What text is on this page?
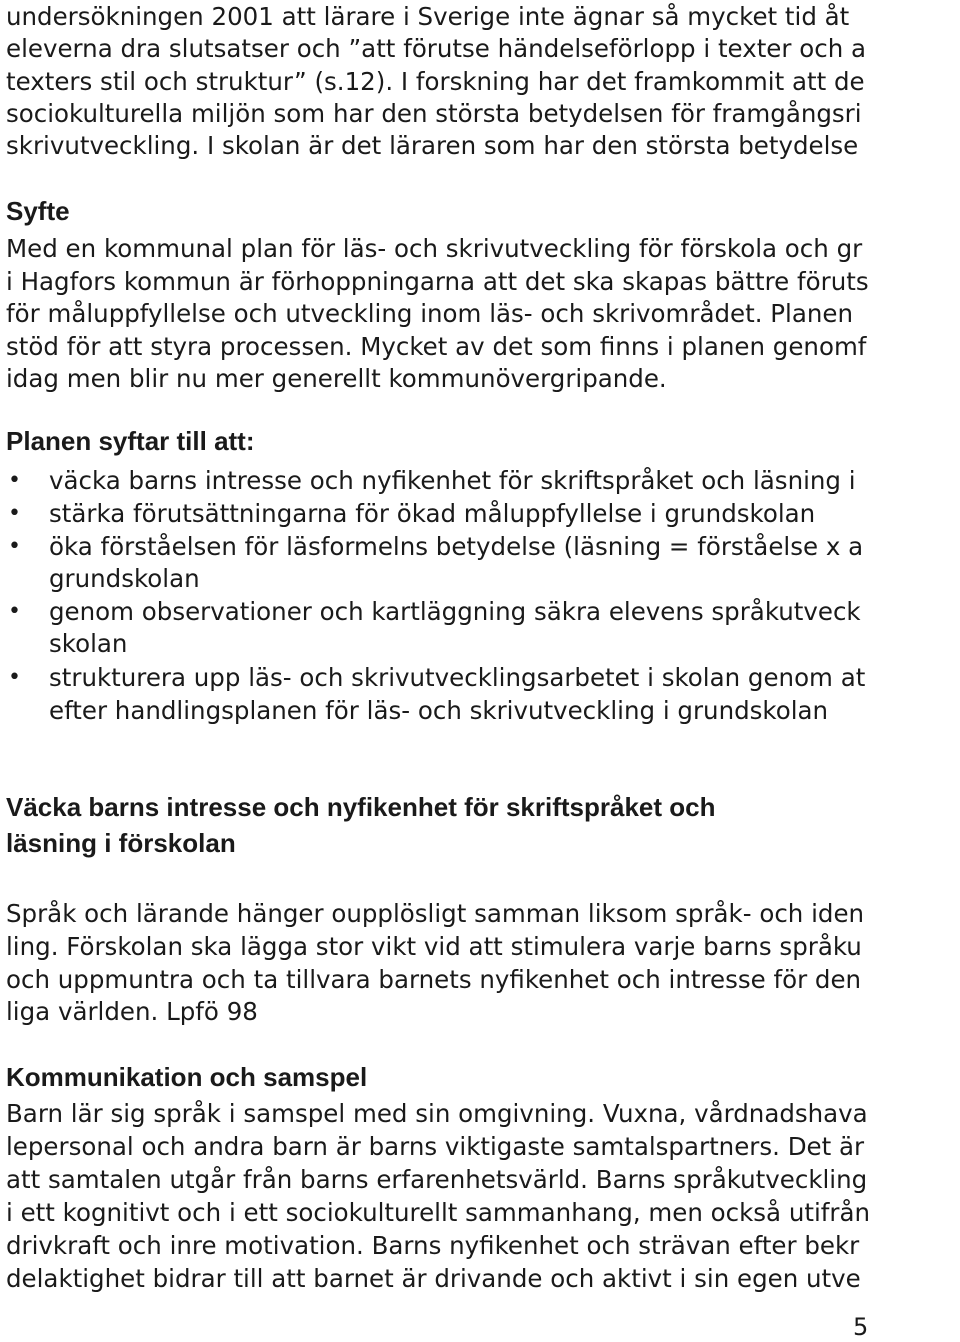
undersökningen 2001 att lärare i Sverige inte ägnar så mycket tid åt
eleverna dra slutsatser och ”att förutse händelseförlopp i texter och a
texters stil och struktur” (s.12). I forskning har det framkommit att de
sociokulturella miljön som har den största betydelsen för framgångsri
skrivutveckling. I skolan är det läraren som har den största betydelse
Syfte
Med en kommunal plan för läs- och skrivutveckling för förskola och gr
i Hagfors kommun är förhoppningarna att det ska skapas bättre föruts
för måluppfyllelse och utveckling inom läs- och skrivområdet. Planen
stöd för att styra processen. Mycket av det som finns i planen genomf
idag men blir nu mer generellt kommunövergripande.
Planen syftar till att:
• väcka barns intresse och nyfikenhet för skriftspråket och läsning i
• stärka förutsättningarna för ökad måluppfyllelse i grundskolan
• öka förståelsen för läsformelns betydelse (läsning = förståelse x a
grundskolan
• genom observationer och kartläggning säkra elevens språkutveck
skolan
• strukturera upp läs- och skrivutvecklingsarbetet i skolan genom at
efter handlingsplanen för läs- och skrivutveckling i grundskolan
Väcka barns intresse och nyfikenhet för skriftspråket och
läsning i förskolan
Språk och lärande hänger oupplösligt samman liksom språk- och iden
ling. Förskolan ska lägga stor vikt vid att stimulera varje barns språku
och uppmuntra och ta tillvara barnets nyfikenhet och intresse för den
liga världen. Lpfö 98
Kommunikation och samspel
Barn lär sig språk i samspel med sin omgivning. Vuxna, vårdnadshava
lepersonal och andra barn är barns viktigaste samtalspartners. Det är
att samtalen utgår från barns erfarenhetsvärld. Barns språkutveckling
i ett kognitivt och i ett sociokulturellt sammanhang, men också utifrån
drivkraft och inre motivation. Barns nyfikenhet och strävan efter bekr
delaktighet bidrar till att barnet är drivande och aktivt i sin egen utve
5
